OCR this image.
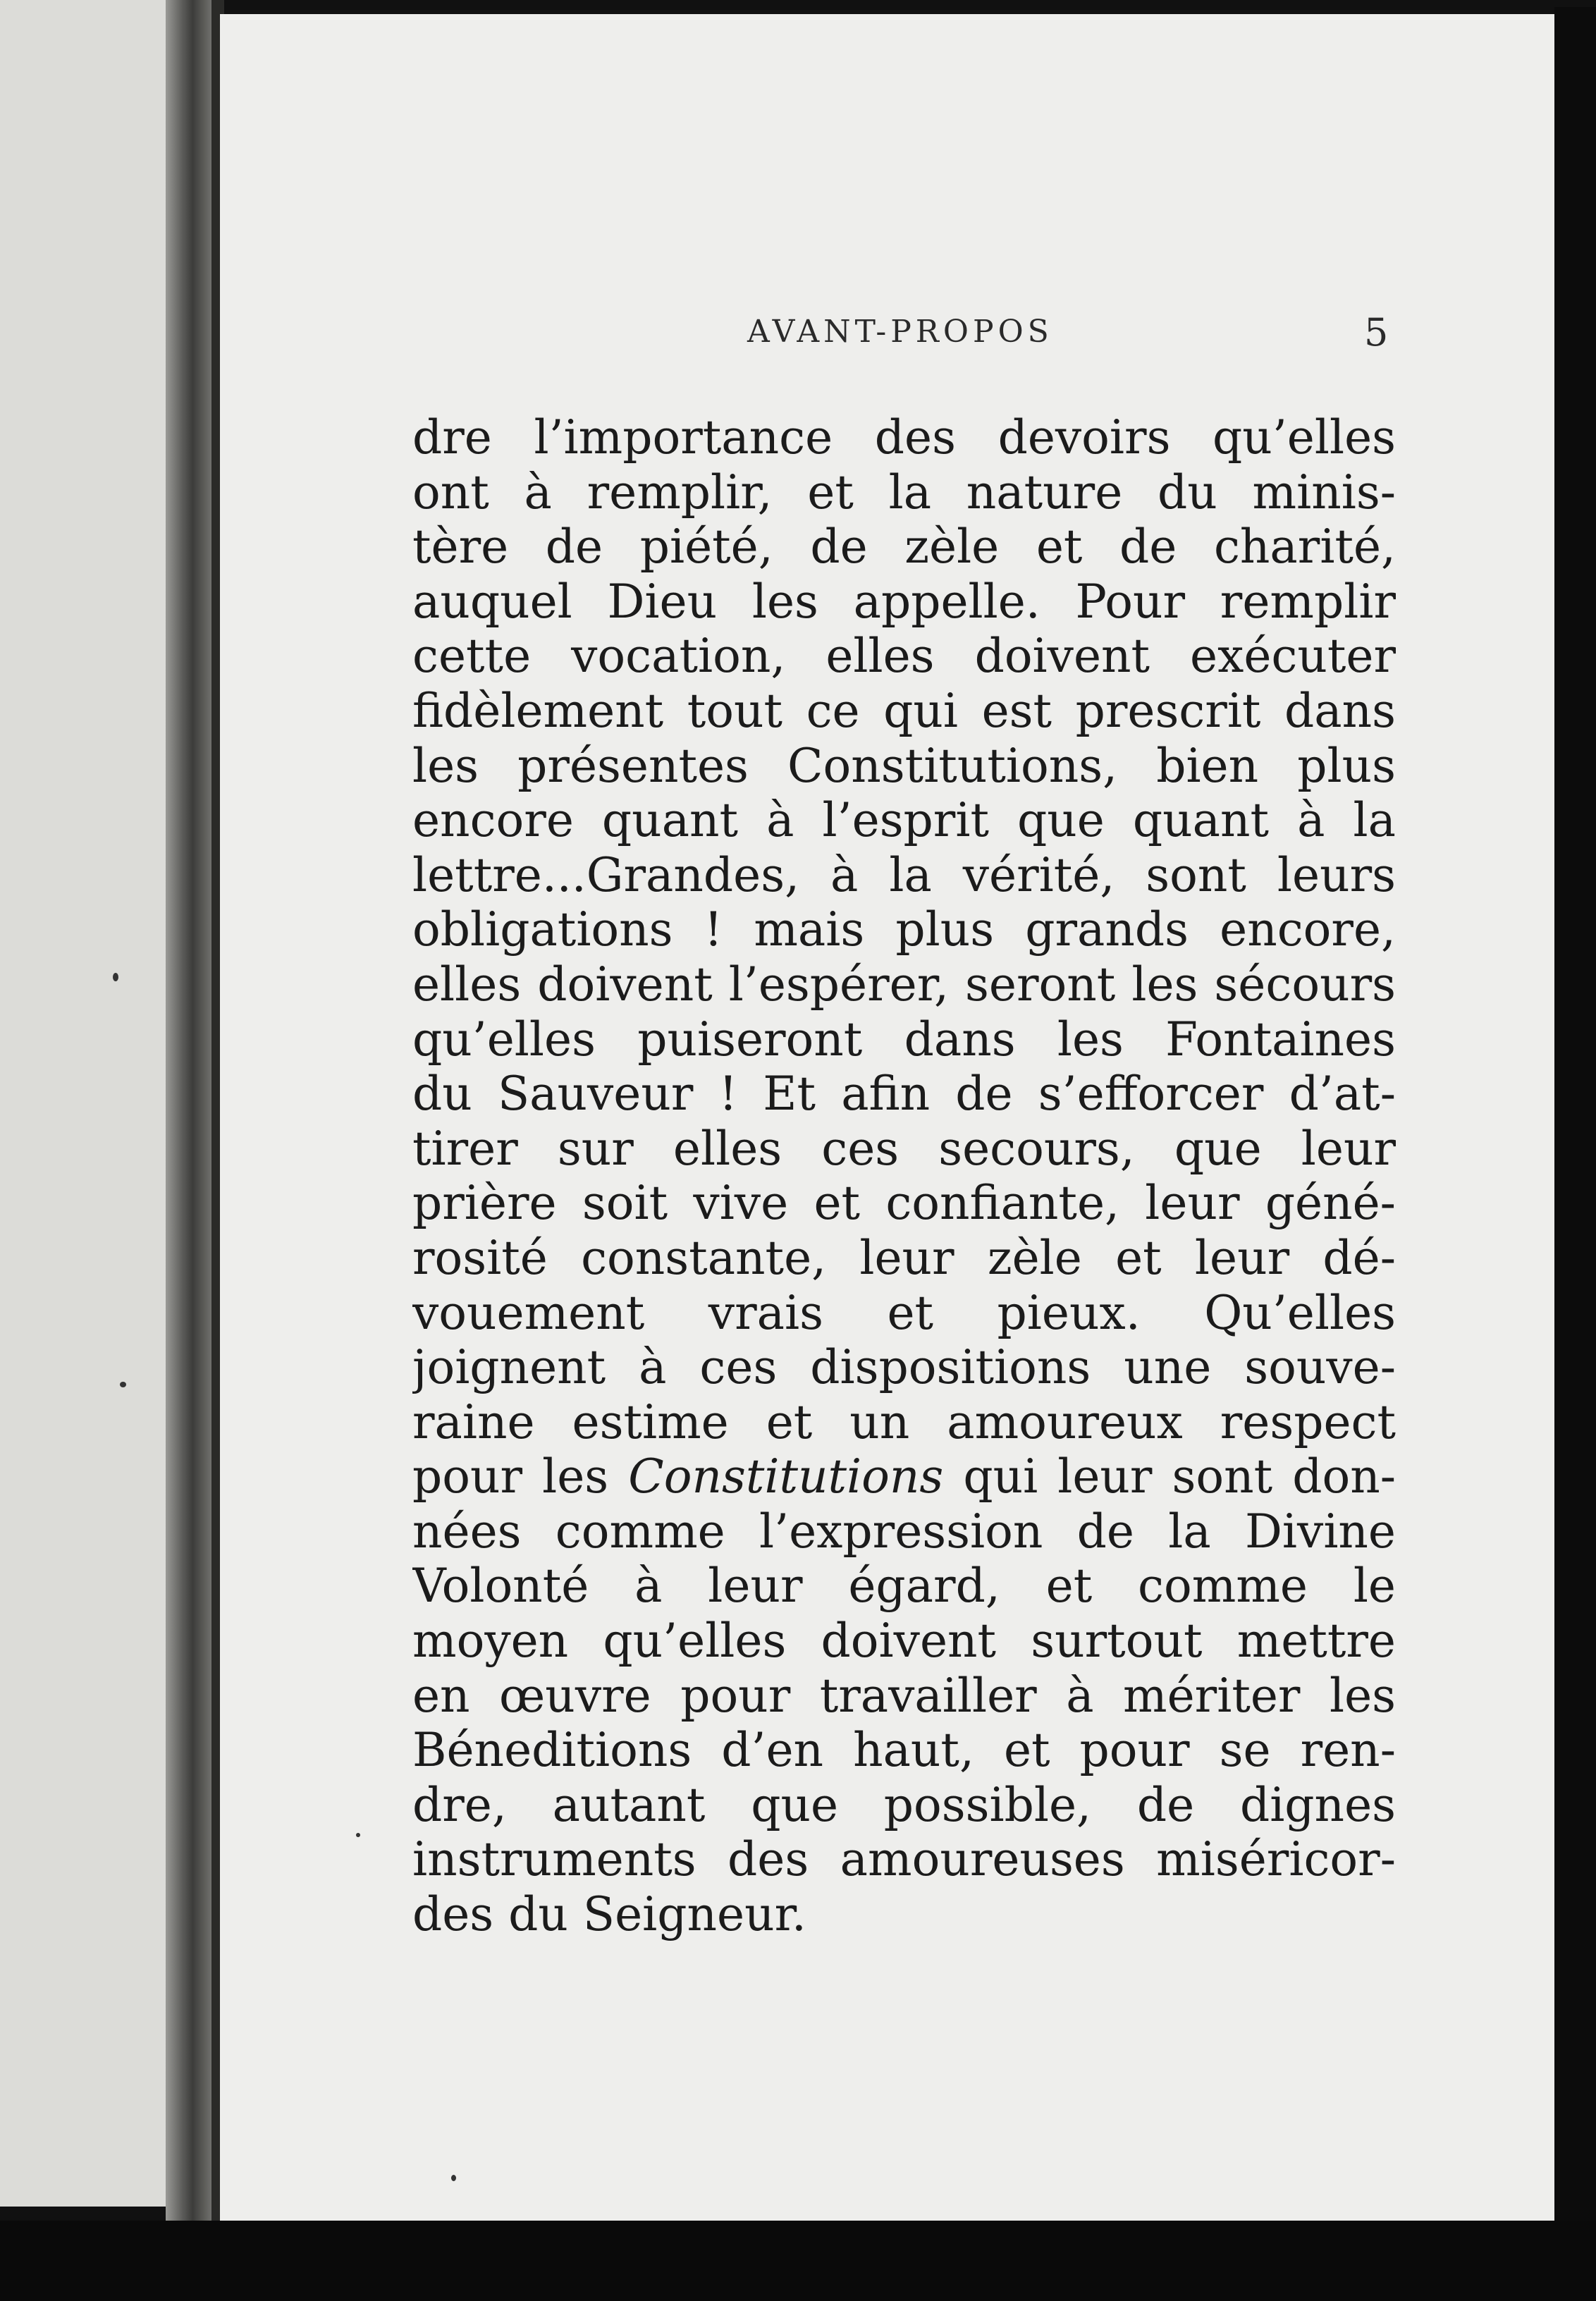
AVANT-PROPOS	5
dre l’importance des devoirs qu’elles
ont à remplir, et la nature du minis-
tère de piété, de zèle et de charité,
auquel Dieu les appelle. Pour remplir
cette vocation, elles doivent exécuter
fidèlement tout ce qui est prescrit dans
les présentes Constitutions, bien plus
encore quant à l’esprit que quant à la
lettre...Grandes, à la vérité, sont leurs
obligations ! mais plus grands encore,
elles doivent l’espérer, seront les sécours
qu’elles puiseront dans les Fontaines
du Sauveur ! Et afin de s’efforcer d’at-
tirer sur elles ces secours, que leur
prière soit vive et confiante, leur géné-
rosité constante, leur zèle et leur dé-
vouement vrais et pieux. Qu’elles
joignent à ces dispositions une souve-
raine estime et un amoureux respect
pour les Constitutions qui leur sont don-
nées comme l’expression de la Divine
Volonté à leur égard, et comme le
moyen qu’elles doivent surtout mettre
en œuvre pour travailler à mériter les
Béneditions d’en haut, et pour se ren-
dre, autant que possible, de dignes
instruments des amoureuses miséricor-
des du Seigneur.
